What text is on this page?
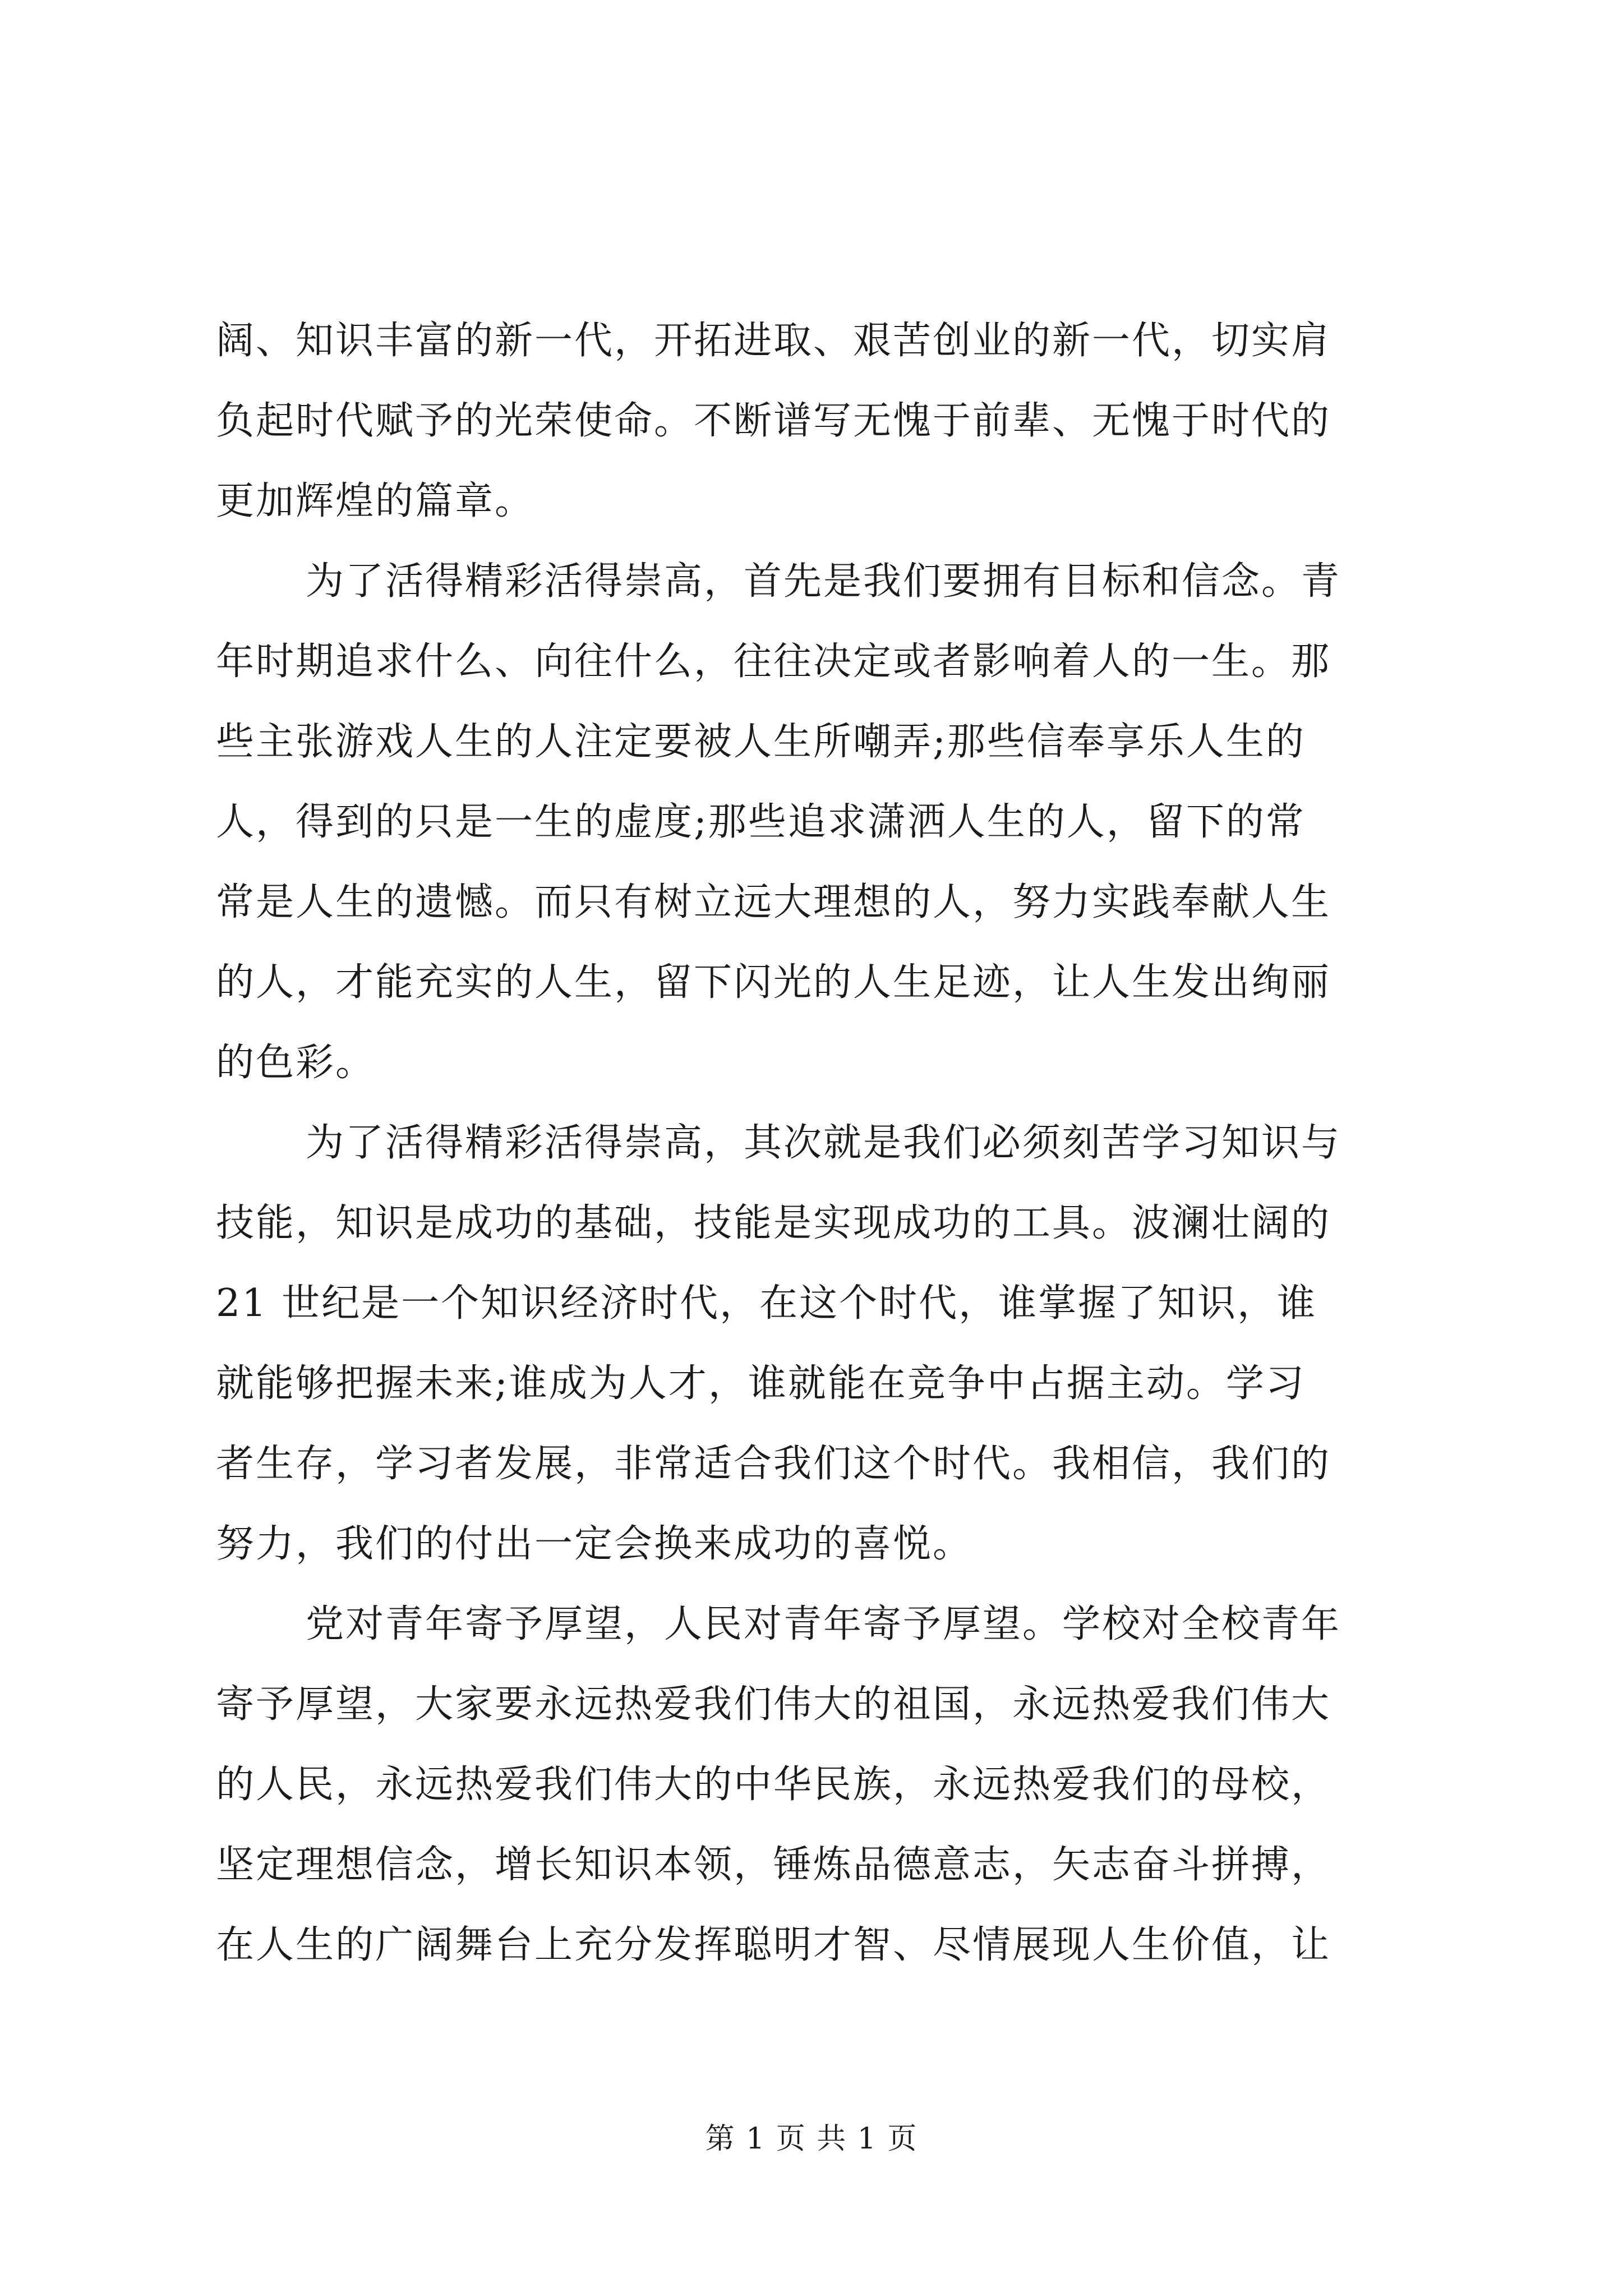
阔、知识丰富的新一代，开拓进取、艰苦创业的新一代，切实肩
负起时代赋予的光荣使命。不断谱写无愧于前辈、无愧于时代的
更加辉煌的篇章。
为了活得精彩活得崇高，首先是我们要拥有目标和信念。青
年时期追求什么、向往什么，往往决定或者影响着人的一生。那
些主张游戏人生的人注定要被人生所嘲弄;那些信奉享乐人生的
人，得到的只是一生的虚度;那些追求潇洒人生的人，留下的常
常是人生的遗憾。而只有树立远大理想的人，努力实践奉献人生
的人，才能充实的人生，留下闪光的人生足迹，让人生发出绚丽
的色彩。
为了活得精彩活得崇高，其次就是我们必须刻苦学习知识与
技能，知识是成功的基础，技能是实现成功的工具。波澜壮阔的
21 世纪是一个知识经济时代，在这个时代，谁掌握了知识，谁
就能够把握未来;谁成为人才，谁就能在竞争中占据主动。学习
者生存，学习者发展，非常适合我们这个时代。我相信，我们的
努力，我们的付出一定会换来成功的喜悦。
党对青年寄予厚望，人民对青年寄予厚望。学校对全校青年
寄予厚望，大家要永远热爱我们伟大的祖国，永远热爱我们伟大
的人民，永远热爱我们伟大的中华民族，永远热爱我们的母校，
坚定理想信念，增长知识本领，锤炼品德意志，矢志奋斗拼搏，
在人生的广阔舞台上充分发挥聪明才智、尽情展现人生价值，让
第 1 页 共 1 页
